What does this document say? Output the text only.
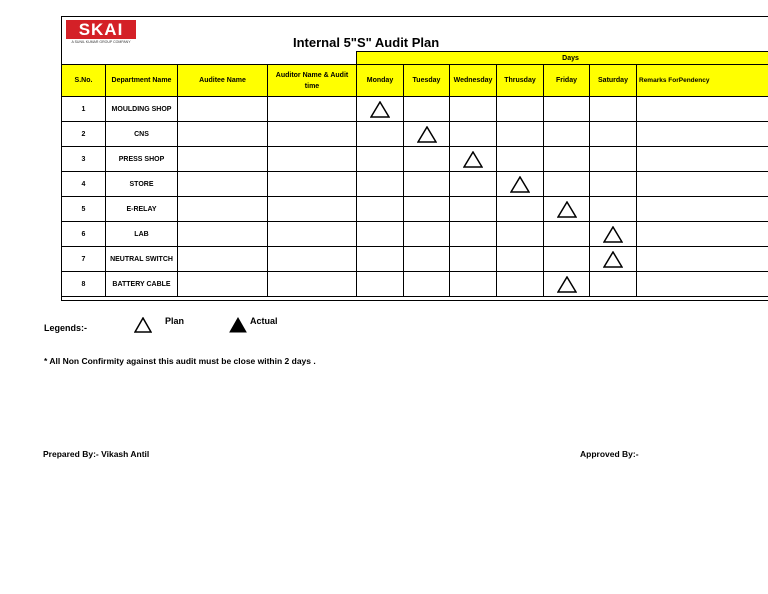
SKAI
A SUNIL KUMAR GROUP COMPANY	Internal 5"S" Audit Plan
				Days						
S.No.	Department Name	Auditee Name	Auditor Name & Audit time	Monday	Tuesday	Wednesday	Thrusday	Friday	Saturday	Remarks ForPendency
1	MOULDING SHOP									
2	CNS									
3	PRESS SHOP									
4	STORE									
5	E-RELAY									
6	LAB									
7	NEUTRAL SWITCH									
8	BATTERY CABLE									
Legends:-
Plan	Actual
* All Non Confirmity against this audit must be close within 2 days .
Prepared By:- Vikash Antil	Approved By:-
